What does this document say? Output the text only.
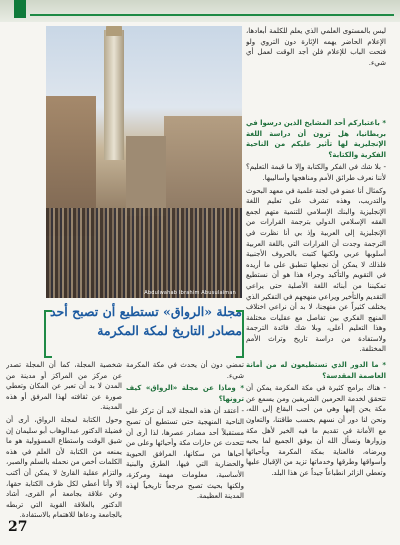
Abdulwahab Ibrahim Abusulaiman

ليس بالمستوى العلمي الذي يعلم للكلمة أبعادها، الإعلام الحاضر يهمه الإثارة دون التروي ولو فتحت الباب للإعلام فلن أجد الوقت لعمل أي شيء.

* باعتباركم أحد المشايخ الذين درسوا في بريطانيا، هل ترون أن دراسة اللغة الإنجليزية لها تأثير عليكم من الناحية الفكرية والكتابة؟

- بلا شك في الفكر والكتابة وإلا ما قيمة التعليم؟ لأننا نعرف طرائق الأمم ومناهجها وأساليبها.

وكمثال أنا عضو في لجنة علمية في معهد البحوث والتدريب، وهذه تشرف على تعليم اللغة الإنجليزية والبنك الإسلامي للتنمية متهم لجمع الفقه الإسلامي الدولي بترجمة القرارات من الإنجليزية إلى العربية وإذ بي أنا نظرت في الترجمة وجدت أن القرارات التي باللغة العربية أسلوبها عربي ولكنها كتبت بالحروف الأجنبية فلذلك لا يمكن أن نجعلها تنطبق على ما أريده في التقويم والتأكيد وجراء هذا هو أن نستطيع تمكيننا من أبنائه اللغة الأصلية حتى يراعي التقديم والتأخير ويراعي منهجهم في التفكير الذي يختلف كثيراً عن منهجنا، لا بد أن نراعي اختلاف المنهج الفكري بين تفاصل مع عقليات مختلفة وهذا التعليم أعلى، وبلا شك فائدة الترجمة ولاستفادة من دراسة تاريخ وتراث الأمم المختلفة.

* ما الدور الذي تستطيعون له من أمانة العاصمة المقدسة؟

- هناك برامج كثيرة في مكة المكرمة يمكن أن تتحقق لخدمة الحرمين الشريفين ومن يسمع عن مكة يحن إليها وهي من أحب البقاع إلى الله، ونحن لنا دور أن نسهم بحسب طاقتنا، والتعاون مع الأمانة في تقديم ما فيه الخير لأهل مكة وزوارها ونسأل الله أن يوفق الجميع لما يحبه ويرضاه، فالعناية بمكة المكرمة وبأحيائها وأسواقها وطرقها وخدماتها تزيد من الإقبال عليها وتعطي الزائر انطباعاً جيداً عن هذا البلد.

مجلة «الرواق» تستطيع أن تصبح أحد
مصادر التاريخ لمكة المكرمة

تمضي دون أن يحدث في مكة المكرمة شيء.

* وماذا عن مجلة «الرواق» كيف ترونها؟

- أعتقد أن هذه المجلة لابد أن تركز على الناحية المنهجية حتى تستطيع أن تصبح مستقبلاً أحد مصادر عصرها، لذا أرى أن تتحدث عن حارات مكة وأحيائها وعلى من أحياها من سكانها، المرافق الحيوية والحضارية التي فيها، الطرق والبنية الأساسية، معلومات مهمة ومركزة، ولكنها بحيث تصبح مرجعاً تاريخياً لهذه المدينة العظيمة.

شخصية المجلة، كما أن المجلة تصدر عن مركز من المراكز أو مدينة من المدن لا بد أن تعبر عن المكان وتعطي صورة عن ثقافته لهذا المرفق أو هذه المدينة.

وحول الكتابة لمجلة الرواق، أرى أن فضيلة الدكتور عبدالوهاب أبو سليمان إن شيق الوقت واستطاع المسؤولية هو ما يمنعه من الكتابة لأن العلم في هذه الكلمات أخص من نحمله بالسلم والصبر، والتزام عقلية القارئ لا يمكن أن أكتب إلا وأنا أعطي لكل ظرف الكتابة حقها، وعن علاقة بجامعة أم القرى، أشاد الدكتور بالعلاقة القوية التي تربطه بالجامعة ودعاها للاهتمام بالاستفادة.

27
